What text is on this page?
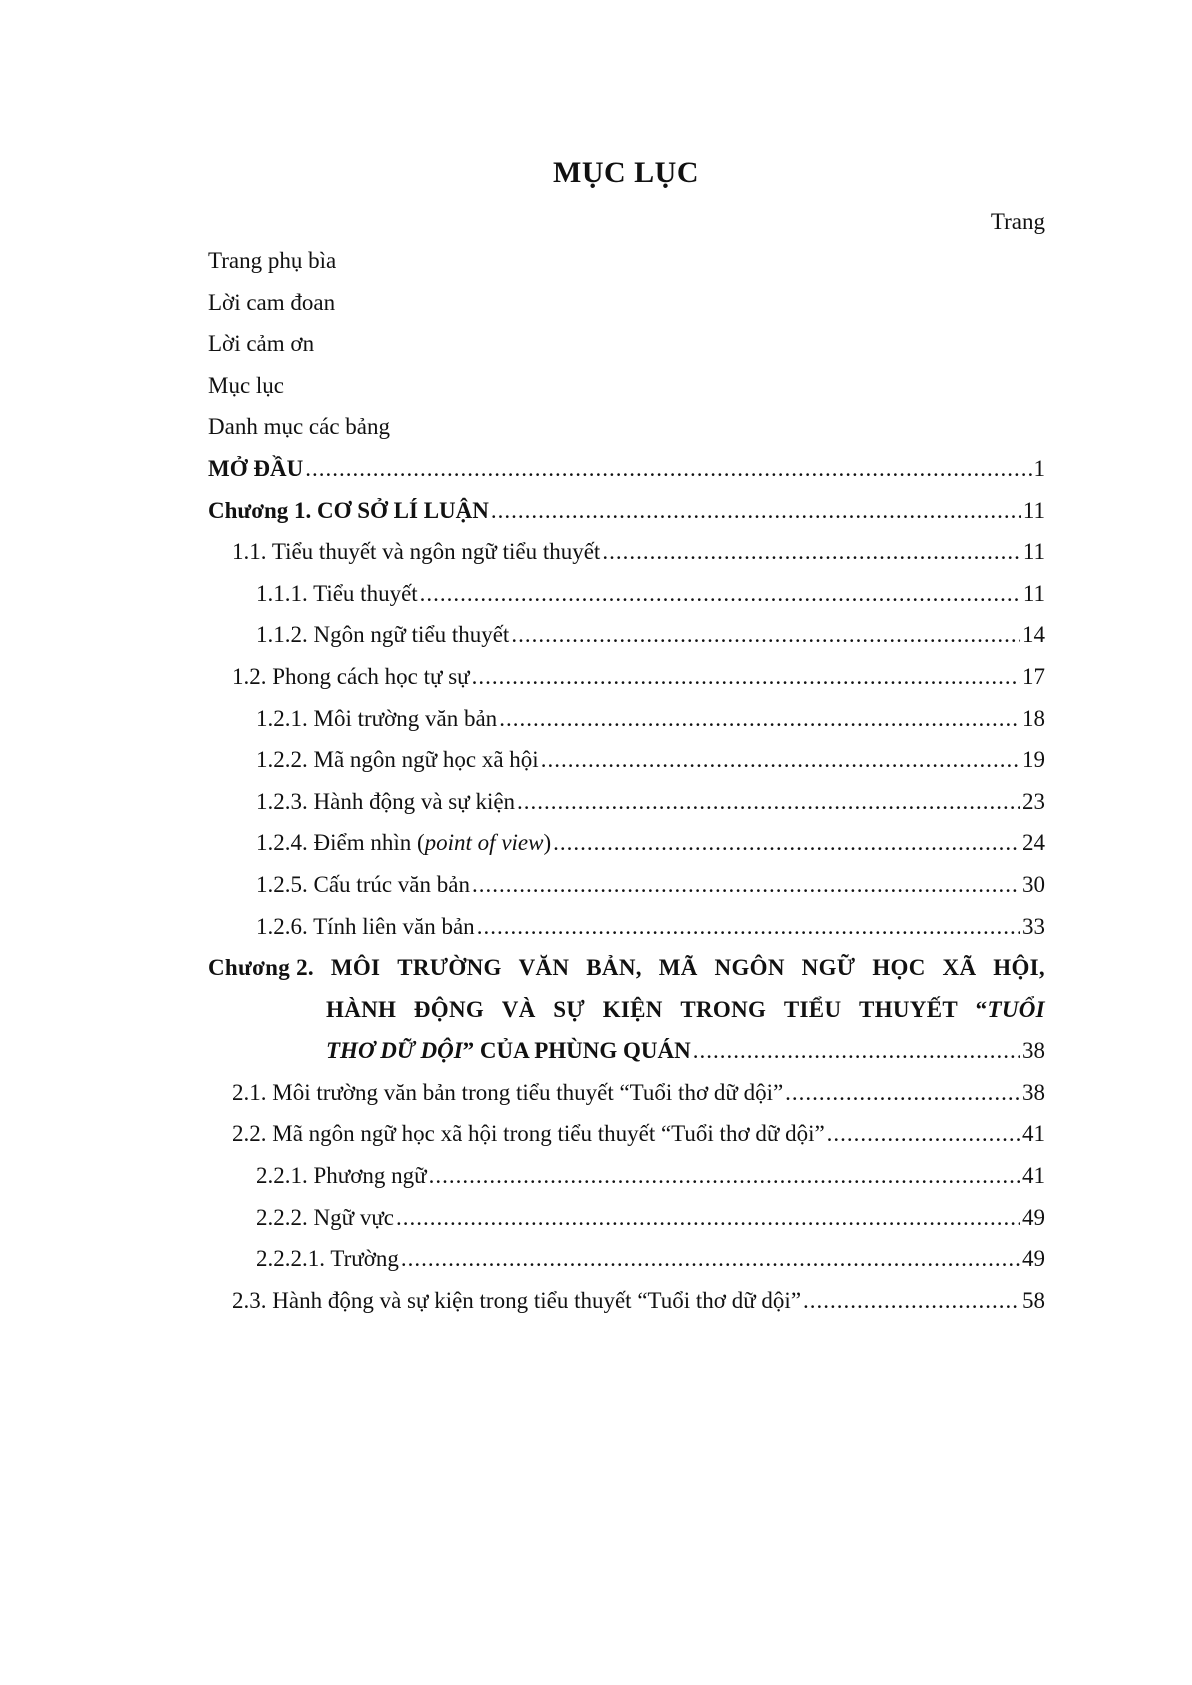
MỤC LỤC
Trang
Trang phụ bìa
Lời cam đoan
Lời cảm ơn
Mục lục
Danh mục các bảng
MỞ ĐẦU .....	1
Chương 1. CƠ SỞ LÍ LUẬN .....	11
1.1. Tiểu thuyết và ngôn ngữ tiểu thuyết .....	11
1.1.1. Tiểu thuyết .....	11
1.1.2. Ngôn ngữ tiểu thuyết .....	14
1.2. Phong cách học tự sự .....	17
1.2.1. Môi trường văn bản .....	18
1.2.2. Mã ngôn ngữ học xã hội .....	19
1.2.3. Hành động và sự kiện .....	23
1.2.4. Điểm nhìn (point of view) .....	24
1.2.5. Cấu trúc văn bản .....	30
1.2.6. Tính liên văn bản .....	33
Chương 2. MÔI TRƯỜNG VĂN BẢN, MÃ NGÔN NGỮ HỌC XÃ HỘI,
HÀNH ĐỘNG VÀ SỰ KIỆN TRONG TIỂU THUYẾT “TUỔI
THƠ DỮ DỘI” CỦA PHÙNG QUÁN .....	38
2.1. Môi trường văn bản trong tiểu thuyết “Tuổi thơ dữ dội” .....	38
2.2. Mã ngôn ngữ học xã hội trong tiểu thuyết “Tuổi thơ dữ dội” .....	41
2.2.1. Phương ngữ .....	41
2.2.2. Ngữ vực .....	49
2.2.2.1. Trường .....	49
2.3. Hành động và sự kiện trong tiểu thuyết “Tuổi thơ dữ dội” .....	58
